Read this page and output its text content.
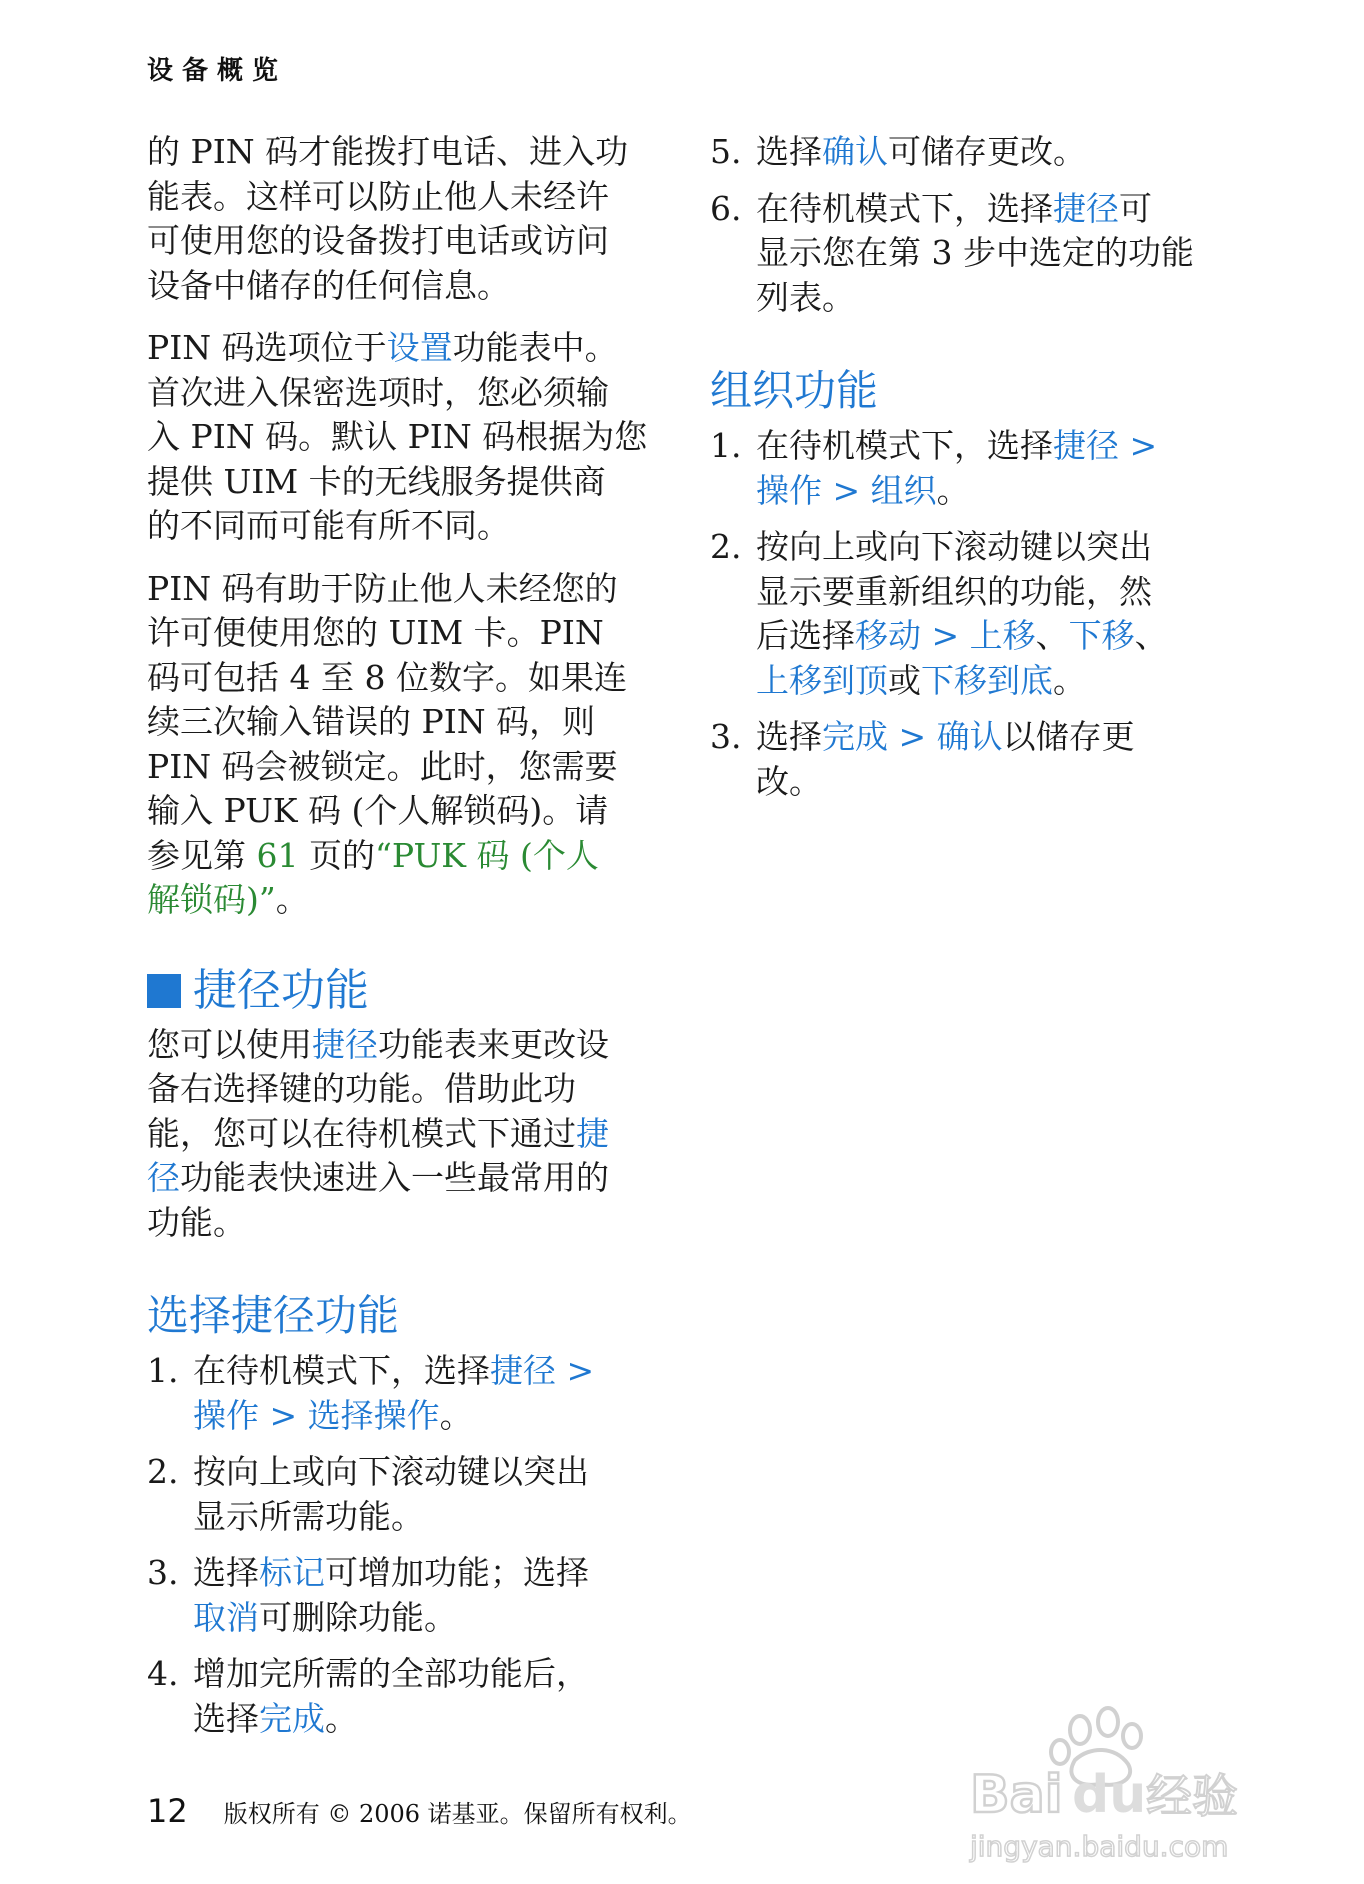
设备概览

的 PIN 码才能拨打电话、进入功
能表。这样可以防止他人未经许
可使用您的设备拨打电话或访问
设备中储存的任何信息。

PIN 码选项位于设置功能表中。
首次进入保密选项时，您必须输
入 PIN 码。默认 PIN 码根据为您
提供 UIM 卡的无线服务提供商
的不同而可能有所不同。

PIN 码有助于防止他人未经您的
许可便使用您的 UIM 卡。PIN
码可包括 4 至 8 位数字。如果连
续三次输入错误的 PIN 码，则
PIN 码会被锁定。此时，您需要
输入 PUK 码 (个人解锁码)。请
参见第 61 页的“PUK 码 (个人
解锁码)”。

捷径功能

您可以使用捷径功能表来更改设
备右选择键的功能。借助此功
能，您可以在待机模式下通过捷
径功能表快速进入一些最常用的
功能。

选择捷径功能
1. 在待机模式下，选择捷径 >
操作 > 选择操作。
2. 按向上或向下滚动键以突出
显示所需功能。
3. 选择标记可增加功能；选择
取消可删除功能。
4. 增加完所需的全部功能后，
选择完成。
5. 选择确认可储存更改。
6. 在待机模式下，选择捷径可
显示您在第 3 步中选定的功能
列表。
组织功能
1. 在待机模式下，选择捷径 >
操作 > 组织。
2. 按向上或向下滚动键以突出
显示要重新组织的功能，然
后选择移动 > 上移、下移、
上移到顶或下移到底。
3. 选择完成 > 确认以储存更
改。
12 版权所有 © 2006 诺基亚。保留所有权利。	Bai du 经验
jingyan.baidu.com
